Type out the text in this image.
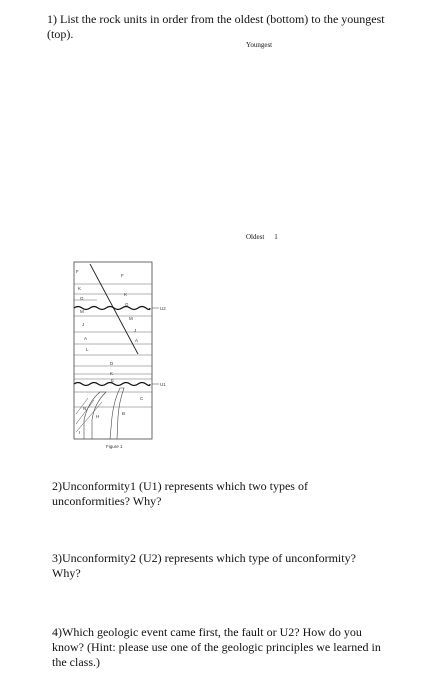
1) List the rock units in order from the oldest (bottom) to the youngest (top).
Youngest
Oldest 1
F
K
G
M
J
A
L
F
K
G
M
J
A
D
K
E
B
C
N
H
I
U2
U1
Figure 1
2)Unconformity1 (U1) represents which two types of unconformities? Why?
3)Unconformity2 (U2) represents which type of unconformity? Why?
4)Which geologic event came first, the fault or U2? How do you know? (Hint: please use one of the geologic principles we learned in the class.)
